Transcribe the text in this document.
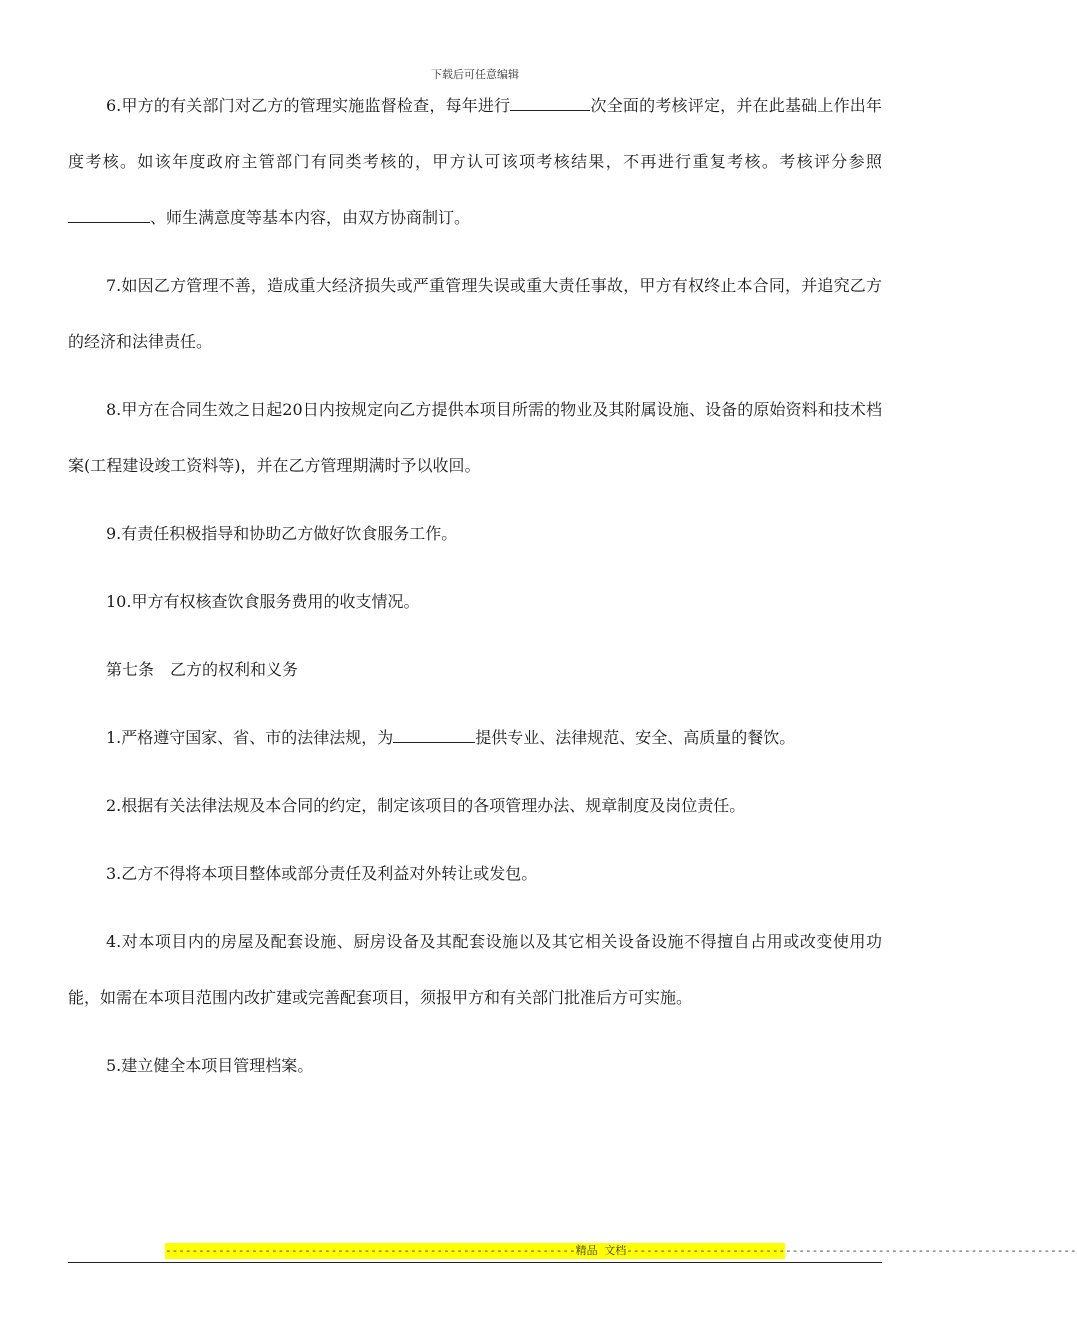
下载后可任意编辑

6.甲方的有关部门对乙方的管理实施监督检查，每年进行	次全面的考核评定，并在此基础上作出年度考核。如该年度政府主管部门有同类考核的，甲方认可该项考核结果，不再进行重复考核。考核评分参照、师生满意度等基本内容，由双方协商制订。

7.如因乙方管理不善，造成重大经济损失或严重管理失误或重大责任事故，甲方有权终止本合同，并追究乙方的经济和法律责任。

8.甲方在合同生效之日起20日内按规定向乙方提供本项目所需的物业及其附属设施、设备的原始资料和技术档案(工程建设竣工资料等)，并在乙方管理期满时予以收回。

9.有责任积极指导和协助乙方做好饮食服务工作。

10.甲方有权核查饮食服务费用的收支情况。

第七条　乙方的权利和义务

1.严格遵守国家、省、市的法律法规，为	提供专业、法律规范、安全、高质量的餐饮。

2.根据有关法律法规及本合同的约定，制定该项目的各项管理办法、规章制度及岗位责任。

3.乙方不得将本项目整体或部分责任及利益对外转让或发包。

4.对本项目内的房屋及配套设施、厨房设备及其配套设施以及其它相关设备设施不得擅自占用或改变使用功能，如需在本项目范围内改扩建或完善配套项目，须报甲方和有关部门批准后方可实施。

5.建立健全本项目管理档案。

--------------------------------------------------------------精品 文档--------------------------------------------------------------------
